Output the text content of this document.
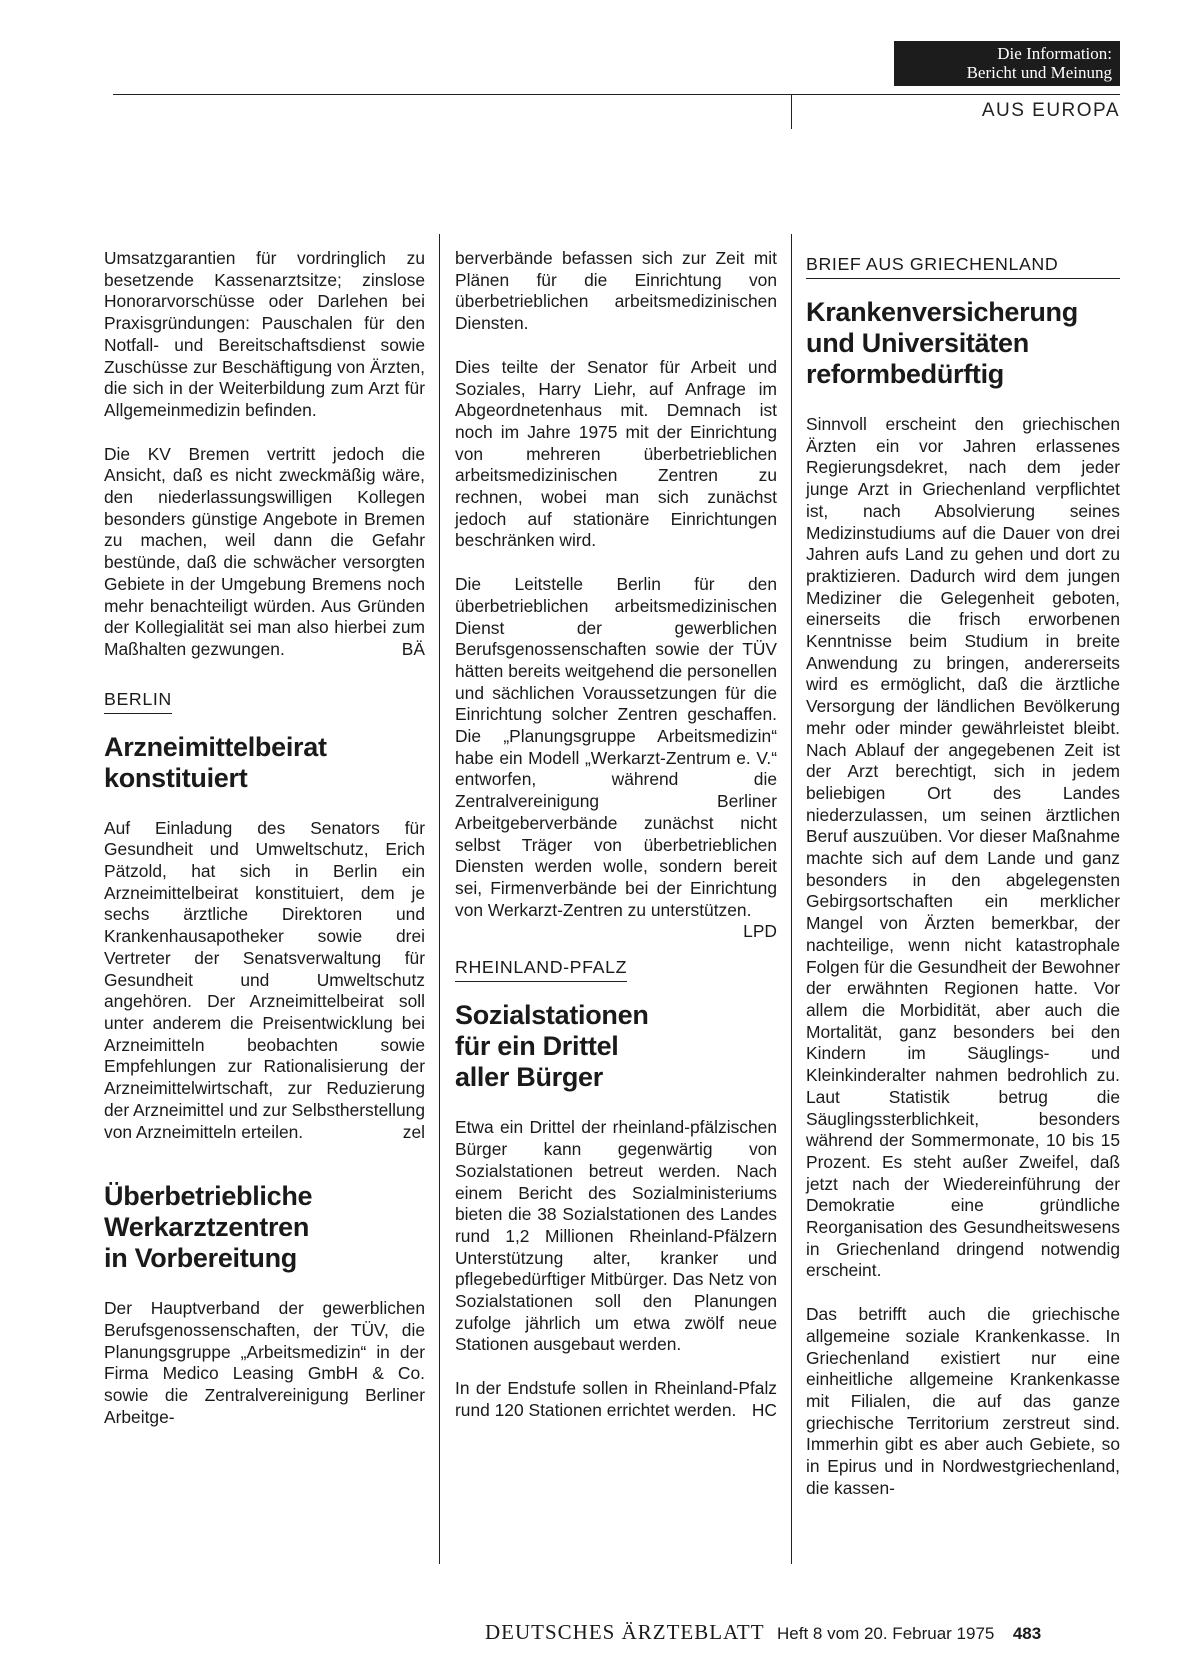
Die Information:
Bericht und Meinung
AUS EUROPA

Umsatzgarantien für vordringlich zu besetzende Kassenarztsitze; zinslose Honorarvorschüsse oder Darlehen bei Praxisgründungen: Pauschalen für den Notfall- und Bereitschaftsdienst sowie Zuschüsse zur Beschäftigung von Ärzten, die sich in der Weiterbildung zum Arzt für Allgemeinmedizin befinden.

Die KV Bremen vertritt jedoch die Ansicht, daß es nicht zweckmäßig wäre, den niederlassungswilligen Kollegen besonders günstige Angebote in Bremen zu machen, weil dann die Gefahr bestünde, daß die schwächer versorgten Gebiete in der Umgebung Bremens noch mehr benachteiligt würden. Aus Gründen der Kollegialität sei man also hierbei zum Maßhalten gezwungen.	BÄ

BERLIN
Arzneimittelbeirat
konstituiert

Auf Einladung des Senators für Gesundheit und Umweltschutz, Erich Pätzold, hat sich in Berlin ein Arzneimittelbeirat konstituiert, dem je sechs ärztliche Direktoren und Krankenhausapotheker sowie drei Vertreter der Senatsverwaltung für Gesundheit und Umweltschutz angehören. Der Arzneimittelbeirat soll unter anderem die Preisentwicklung bei Arzneimitteln beobachten sowie Empfehlungen zur Rationalisierung der Arzneimittelwirtschaft, zur Reduzierung der Arzneimittel und zur Selbstherstellung von Arzneimitteln erteilen.	zel

Überbetriebliche
Werkarztzentren
in Vorbereitung

Der Hauptverband der gewerblichen Berufsgenossenschaften, der TÜV, die Planungsgruppe „Arbeitsmedizin“ in der Firma Medico Leasing GmbH & Co. sowie die Zentralvereinigung Berliner Arbeitge-

berverbände befassen sich zur Zeit mit Plänen für die Einrichtung von überbetrieblichen arbeitsmedizinischen Diensten.

Dies teilte der Senator für Arbeit und Soziales, Harry Liehr, auf Anfrage im Abgeordnetenhaus mit. Demnach ist noch im Jahre 1975 mit der Einrichtung von mehreren überbetrieblichen arbeitsmedizinischen Zentren zu rechnen, wobei man sich zunächst jedoch auf stationäre Einrichtungen beschränken wird.

Die Leitstelle Berlin für den überbetrieblichen arbeitsmedizinischen Dienst der gewerblichen Berufsgenossenschaften sowie der TÜV hätten bereits weitgehend die personellen und sächlichen Voraussetzungen für die Einrichtung solcher Zentren geschaffen. Die „Planungsgruppe Arbeitsmedizin“ habe ein Modell „Werkarzt-Zentrum e. V.“ entworfen, während die Zentralvereinigung Berliner Arbeitgeberverbände zunächst nicht selbst Träger von überbetrieblichen Diensten werden wolle, sondern bereit sei, Firmenverbände bei der Einrichtung von Werkarzt-Zentren zu unterstützen.
LPD

RHEINLAND-PFALZ
Sozialstationen
für ein Drittel
aller Bürger

Etwa ein Drittel der rheinland-pfälzischen Bürger kann gegenwärtig von Sozialstationen betreut werden. Nach einem Bericht des Sozialministeriums bieten die 38 Sozialstationen des Landes rund 1,2 Millionen Rheinland-Pfälzern Unterstützung alter, kranker und pflegebedürftiger Mitbürger. Das Netz von Sozialstationen soll den Planungen zufolge jährlich um etwa zwölf neue Stationen ausgebaut werden.

In der Endstufe sollen in Rheinland-Pfalz rund 120 Stationen errichtet werden. HC

BRIEF AUS GRIECHENLAND
Krankenversicherung
und Universitäten
reformbedürftig

Sinnvoll erscheint den griechischen Ärzten ein vor Jahren erlassenes Regierungsdekret, nach dem jeder junge Arzt in Griechenland verpflichtet ist, nach Absolvierung seines Medizinstudiums auf die Dauer von drei Jahren aufs Land zu gehen und dort zu praktizieren. Dadurch wird dem jungen Mediziner die Gelegenheit geboten, einerseits die frisch erworbenen Kenntnisse beim Studium in breite Anwendung zu bringen, andererseits wird es ermöglicht, daß die ärztliche Versorgung der ländlichen Bevölkerung mehr oder minder gewährleistet bleibt. Nach Ablauf der angegebenen Zeit ist der Arzt berechtigt, sich in jedem beliebigen Ort des Landes niederzulassen, um seinen ärztlichen Beruf auszuüben. Vor dieser Maßnahme machte sich auf dem Lande und ganz besonders in den abgelegensten Gebirgsortschaften ein merklicher Mangel von Ärzten bemerkbar, der nachteilige, wenn nicht katastrophale Folgen für die Gesundheit der Bewohner der erwähnten Regionen hatte. Vor allem die Morbidität, aber auch die Mortalität, ganz besonders bei den Kindern im Säuglings- und Kleinkinderalter nahmen bedrohlich zu. Laut Statistik betrug die Säuglingssterblichkeit, besonders während der Sommermonate, 10 bis 15 Prozent. Es steht außer Zweifel, daß jetzt nach der Wiedereinführung der Demokratie eine gründliche Reorganisation des Gesundheitswesens in Griechenland dringend notwendig erscheint.

Das betrifft auch die griechische allgemeine soziale Krankenkasse. In Griechenland existiert nur eine einheitliche allgemeine Krankenkasse mit Filialen, die auf das ganze griechische Territorium zerstreut sind. Immerhin gibt es aber auch Gebiete, so in Epirus und in Nordwestgriechenland, die kassen-

DEUTSCHES ÄRZTEBLATT Heft 8 vom 20. Februar 1975 483
